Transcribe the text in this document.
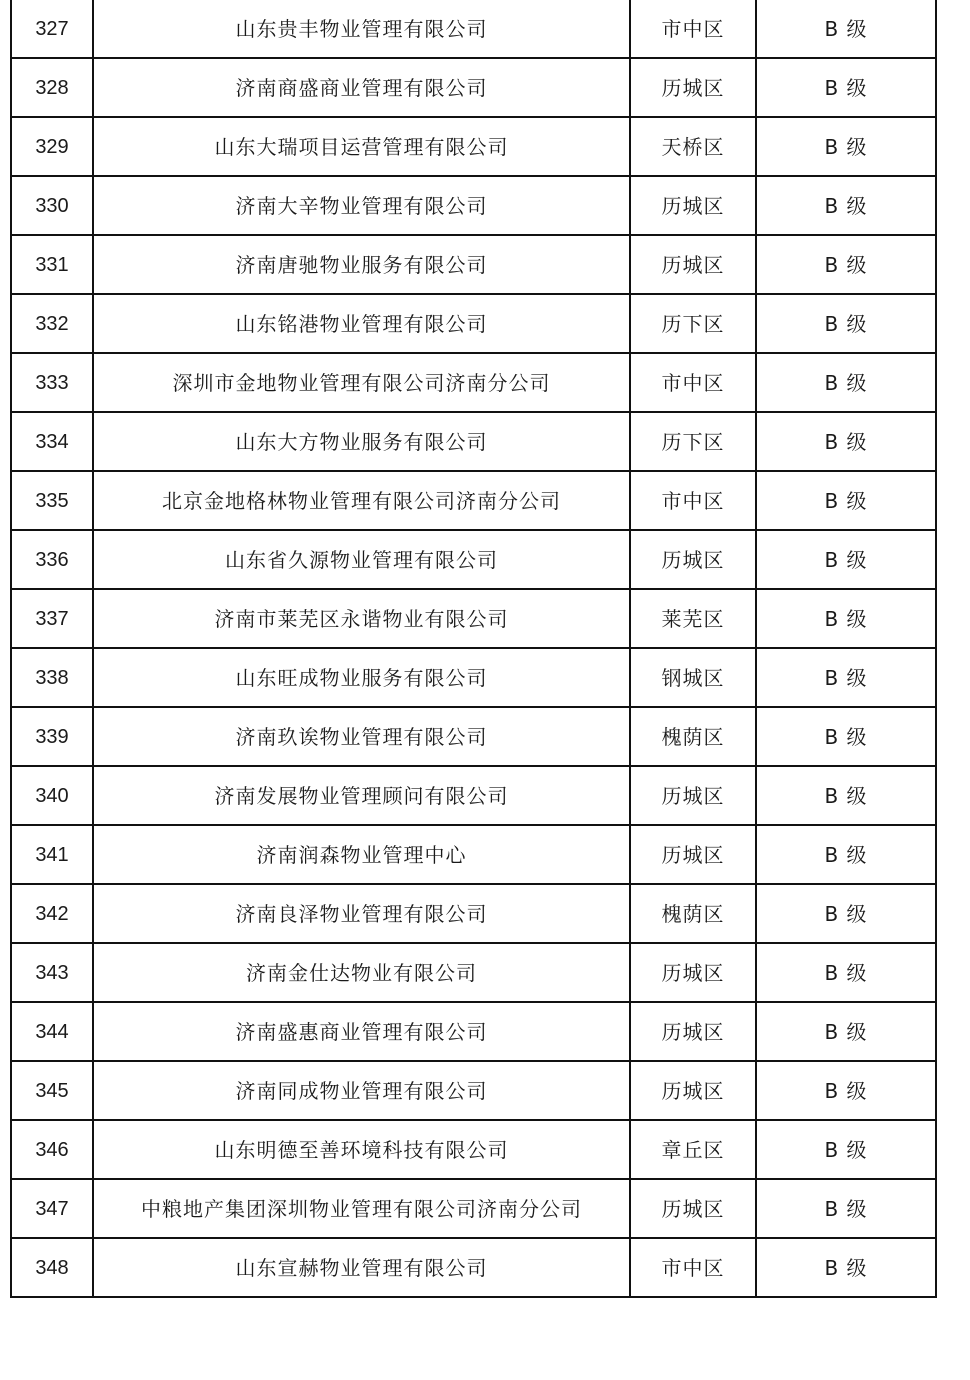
327	山东贵丰物业管理有限公司	市中区	B 级
328	济南商盛商业管理有限公司	历城区	B 级
329	山东大瑞项目运营管理有限公司	天桥区	B 级
330	济南大辛物业管理有限公司	历城区	B 级
331	济南唐驰物业服务有限公司	历城区	B 级
332	山东铭港物业管理有限公司	历下区	B 级
333	深圳市金地物业管理有限公司济南分公司	市中区	B 级
334	山东大方物业服务有限公司	历下区	B 级
335	北京金地格林物业管理有限公司济南分公司	市中区	B 级
336	山东省久源物业管理有限公司	历城区	B 级
337	济南市莱芜区永谐物业有限公司	莱芜区	B 级
338	山东旺成物业服务有限公司	钢城区	B 级
339	济南玖诶物业管理有限公司	槐荫区	B 级
340	济南发展物业管理顾问有限公司	历城区	B 级
341	济南润森物业管理中心	历城区	B 级
342	济南良泽物业管理有限公司	槐荫区	B 级
343	济南金仕达物业有限公司	历城区	B 级
344	济南盛惠商业管理有限公司	历城区	B 级
345	济南同成物业管理有限公司	历城区	B 级
346	山东明德至善环境科技有限公司	章丘区	B 级
347	中粮地产集团深圳物业管理有限公司济南分公司	历城区	B 级
348	山东宣赫物业管理有限公司	市中区	B 级
